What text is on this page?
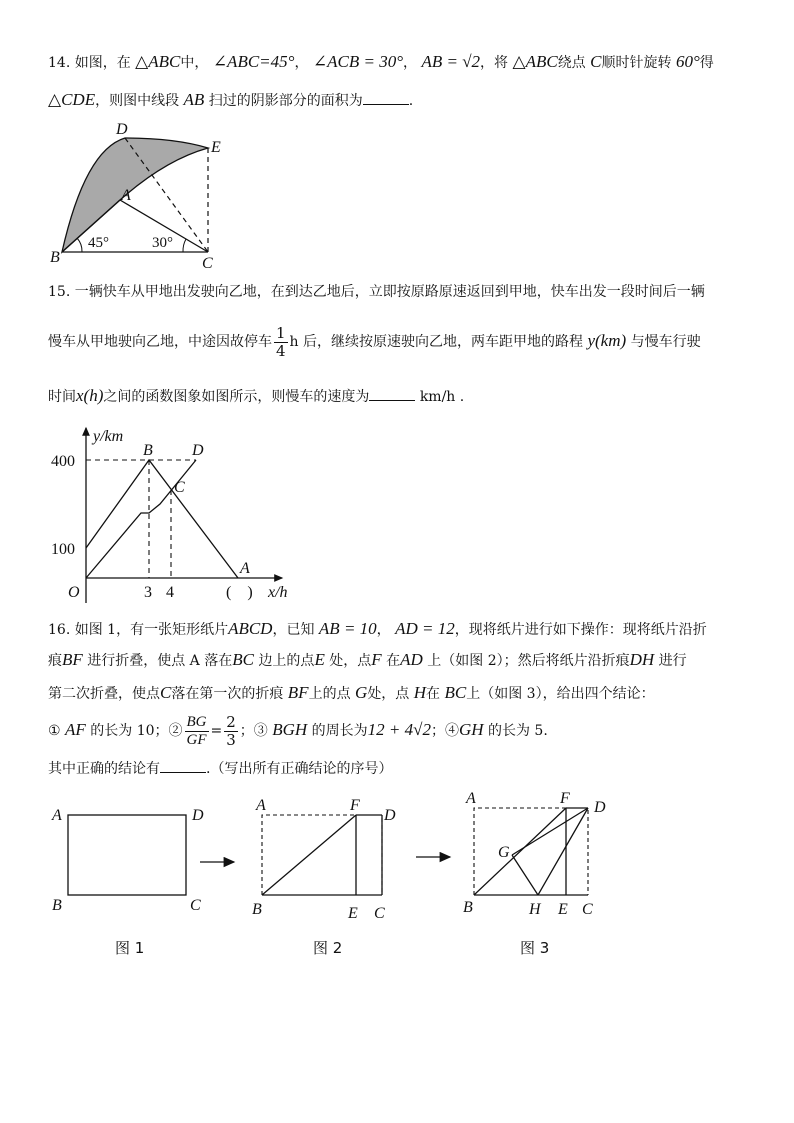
14. 如图，在 △ABC中， ∠ABC=45°， ∠ACB = 30°， AB = √2，将 △ABC绕点 C顺时针旋转 60°得
△CDE，则图中线段 AB 扫过的阴影部分的面积为	.
D
E
A
B	C
45°	30°
15. 一辆快车从甲地出发驶向乙地，在到达乙地后，立即按原路原速返回到甲地，快车出发一段时间后一辆
慢车从甲地驶向乙地，中途因故停车 $\frac{1}{4}$ h 后，继续按原速驶向乙地，两车距甲地的路程 y(km) 与慢车行驶
时间x(h)之间的函数图象如图所示，则慢车的速度为	km/h .
y/km
x/h
400
100
O	3 4	(    )
B D
C
A
16. 如图 1，有一张矩形纸片ABCD，已知 AB = 10， AD = 12，现将纸片进行如下操作：现将纸片沿折
痕BF 进行折叠，使点 A 落在BC 边上的点E 处，点F 在AD 上（如图 2）；然后将纸片沿折痕DH 进行
第二次折叠，使点C落在第一次的折痕 BF上的点 G处，点 H在 BC上（如图 3），给出四个结论：
① AF 的长为 10；② $\frac{BG}{GF} = \frac{2}{3}$ ；③ BGH 的周长为12 + 4√2；④GH 的长为 5.
其中正确的结论有	.（写出所有正确结论的序号）
A	D
B	C
图 1
A	F
D
B	E C
图 2
A	F
D
G
B	H E C
图 3
